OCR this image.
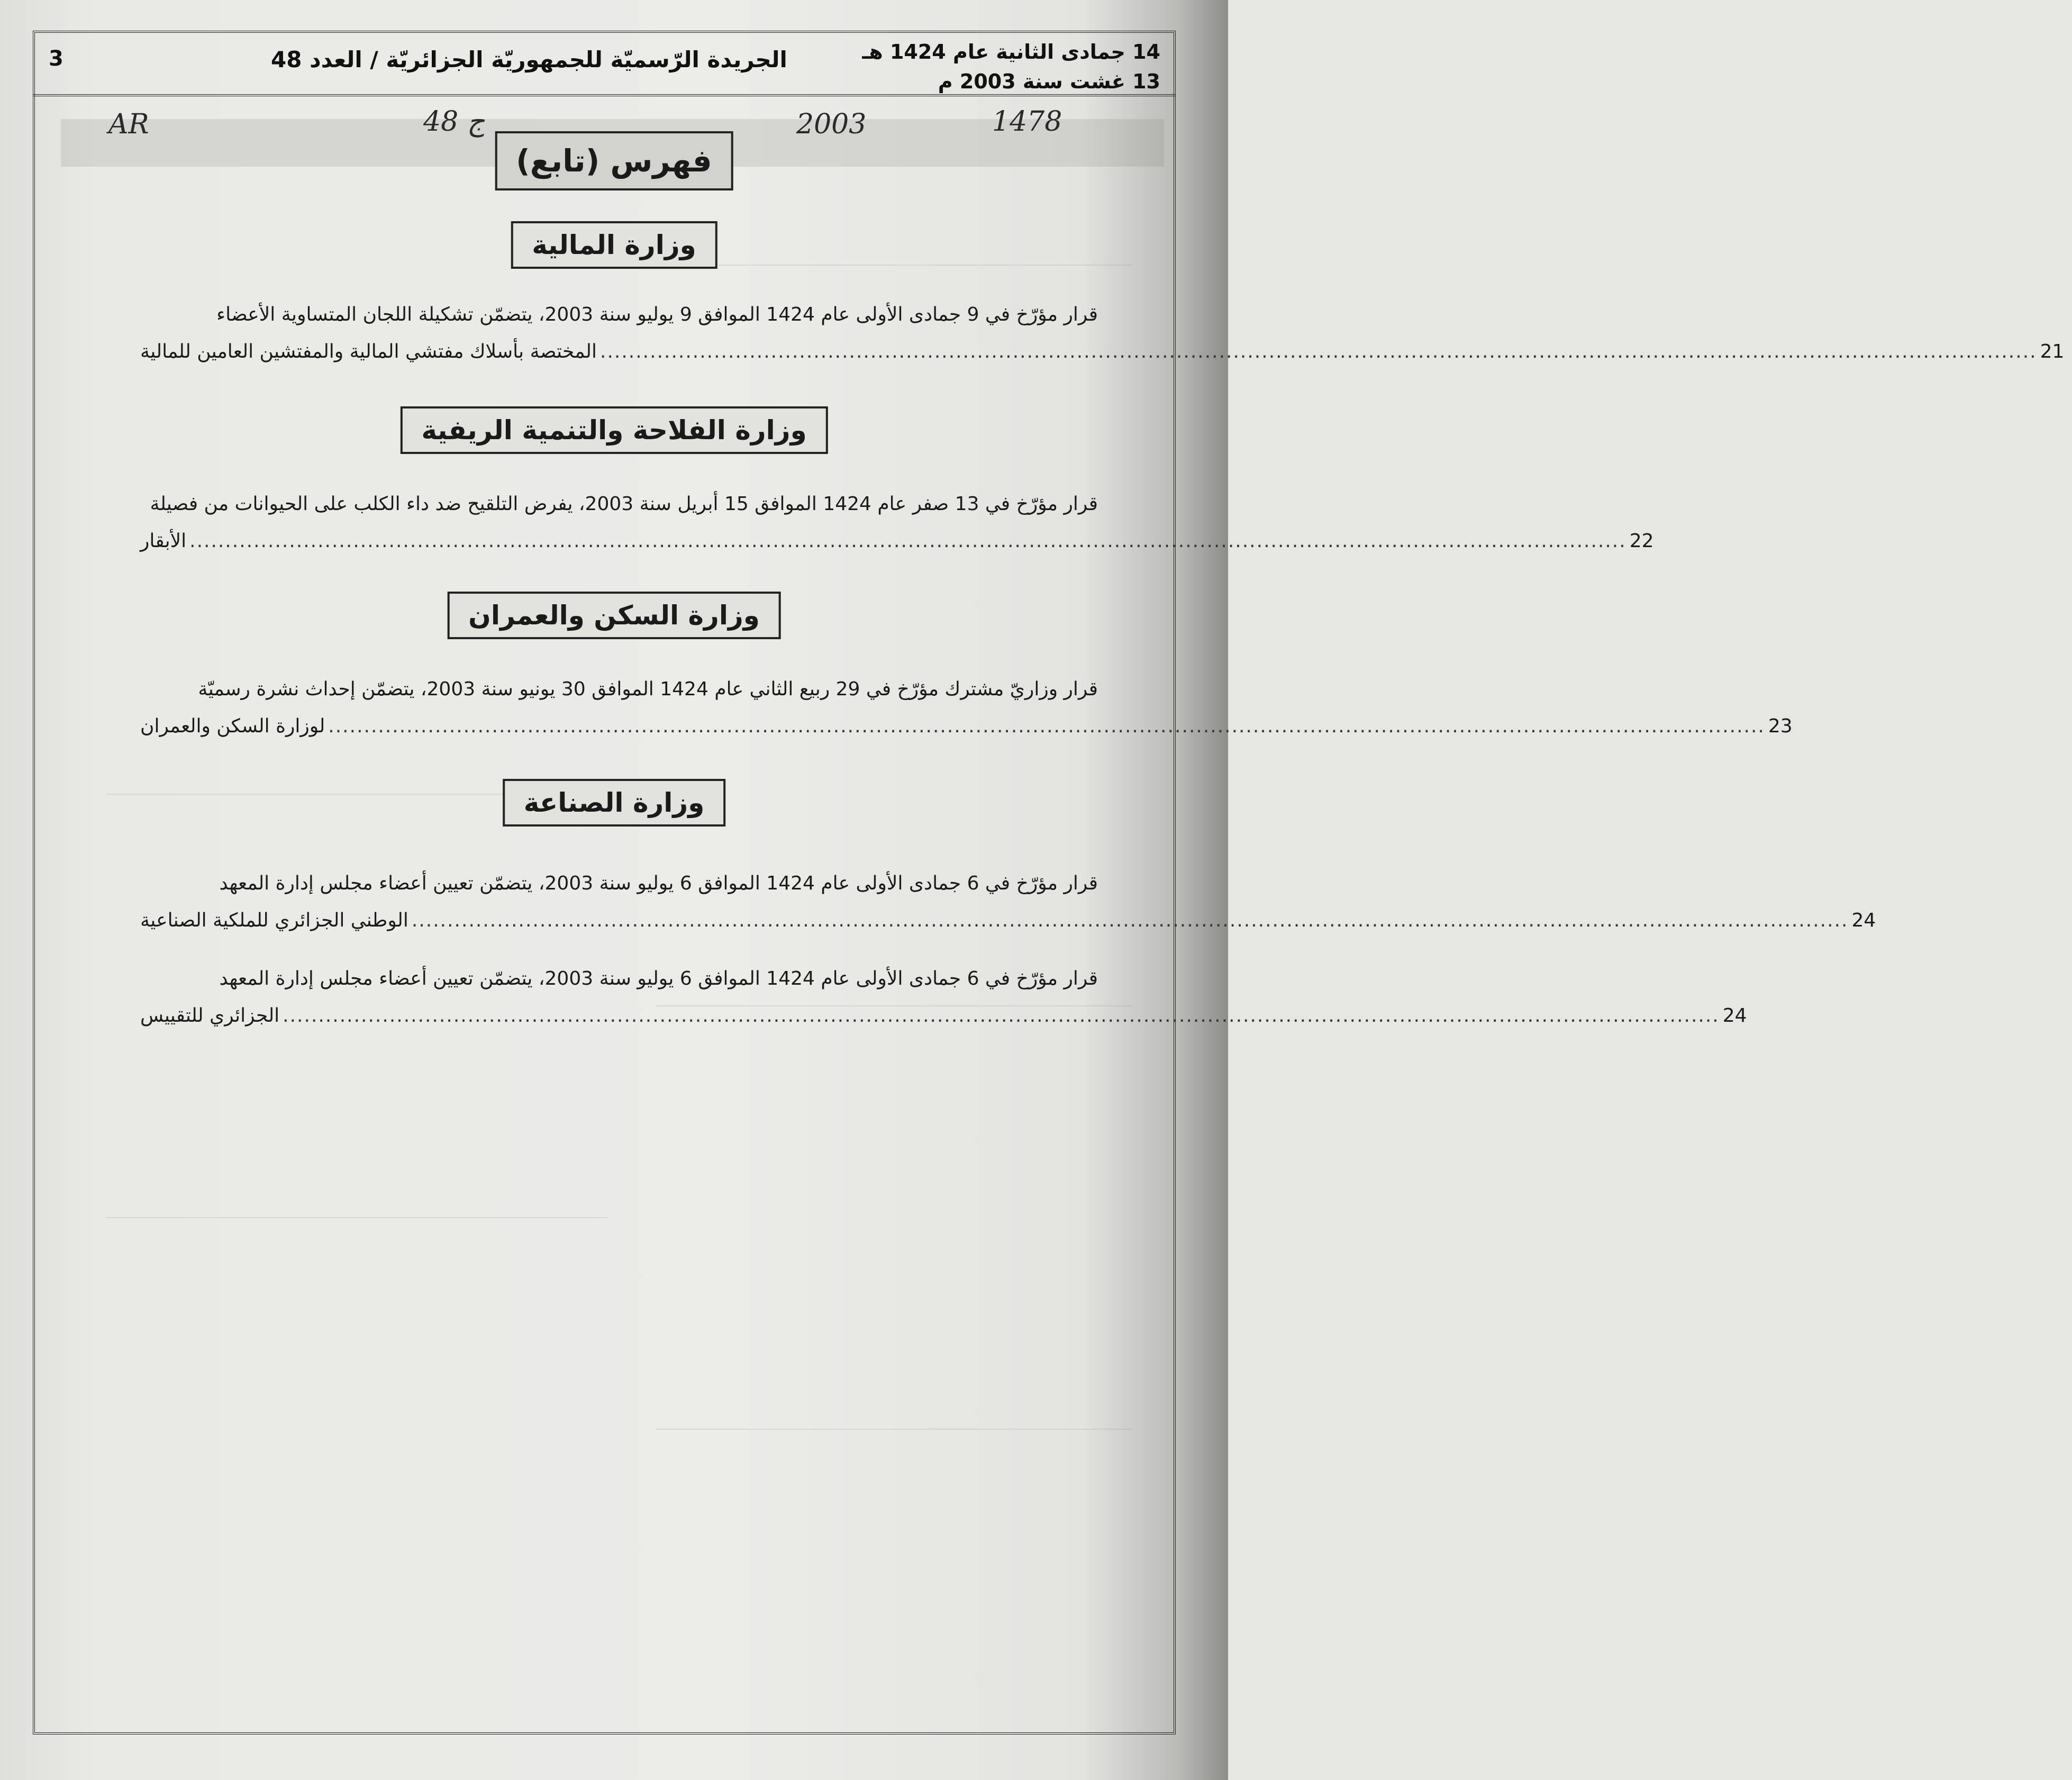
3	الجريدة الرّسميّة للجمهوريّة الجزائريّة / العدد 48	14 جمادى الثانية عام 1424 هـ
13 غشت سنة 2003 م
AR	48 ج	2003	1478
فهرس (تابع)
وزارة المالية
قرار مؤرّخ في 9 جمادى الأولى عام 1424 الموافق 9 يوليو سنة 2003، يتضمّن تشكيلة اللجان المتساوية الأعضاء
المختصة بأسلاك مفتشي المالية والمفتشين العامين للمالية .......................................................................................................................................................................................................... 21
وزارة الفلاحة والتنمية الريفية
قرار مؤرّخ في 13 صفر عام 1424 الموافق 15 أبريل سنة 2003، يفرض التلقيح ضد داء الكلب على الحيوانات من فصيلة
الأبقار .......................................................................................................................................................................................................... 22
وزارة السكن والعمران
قرار وزاريّ مشترك مؤرّخ في 29 ربيع الثاني عام 1424 الموافق 30 يونيو سنة 2003، يتضمّن إحداث نشرة رسميّة
لوزارة السكن والعمران .......................................................................................................................................................................................................... 23
وزارة الصناعة
قرار مؤرّخ في 6 جمادى الأولى عام 1424 الموافق 6 يوليو سنة 2003، يتضمّن تعيين أعضاء مجلس إدارة المعهد
الوطني الجزائري للملكية الصناعية .......................................................................................................................................................................................................... 24
قرار مؤرّخ في 6 جمادى الأولى عام 1424 الموافق 6 يوليو سنة 2003، يتضمّن تعيين أعضاء مجلس إدارة المعهد
الجزائري للتقييس .......................................................................................................................................................................................................... 24
